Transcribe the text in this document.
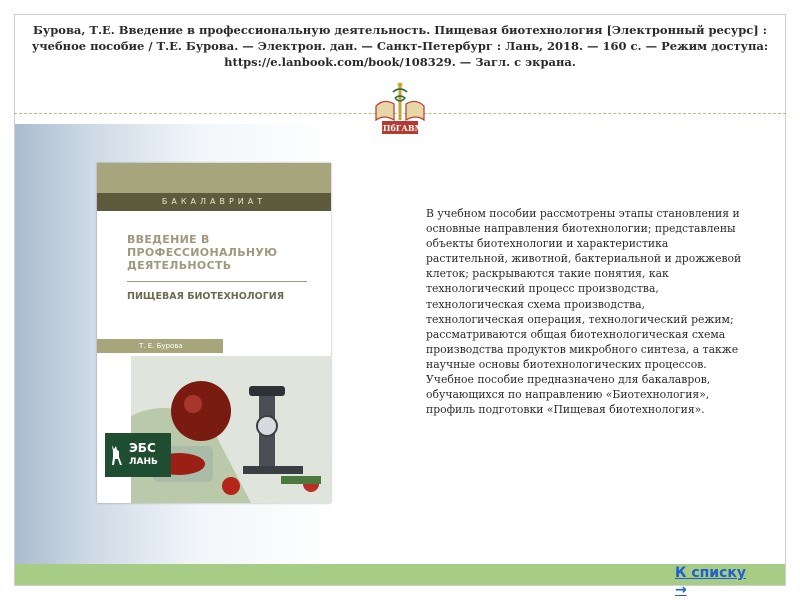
Бурова, Т.Е. Введение в профессиональную деятельность. Пищевая биотехнология [Электронный ресурс] : учебное пособие / Т.Е. Бурова. — Электрон. дан. — Санкт-Петербург : Лань, 2018. — 160 с. — Режим доступа: https://e.lanbook.com/book/108329. — Загл. с экрана.
СПбГАВМ
БАКАЛАВРИАТ
ВВЕДЕНИЕ В ПРОФЕССИОНАЛЬНУЮ ДЕЯТЕЛЬНОСТЬ
ПИЩЕВАЯ БИОТЕХНОЛОГИЯ
Т. Е. Бурова
ЭБС
ЛАНЬ
В учебном пособии рассмотрены этапы становления и основные направления биотехнологии; представлены объекты биотехнологии и характеристика растительной, животной, бактериальной и дрожжевой клеток; раскрываются такие понятия, как технологический процесс производства, технологическая схема производства, технологическая операция, технологический режим; рассматриваются общая биотехнологическая схема производства продуктов микробного синтеза, а также научные основы биотехнологических процессов. Учебное пособие предназначено для бакалавров, обучающихся по направлению «Биотехнология», профиль подготовки «Пищевая биотехнология».
К списку
→
